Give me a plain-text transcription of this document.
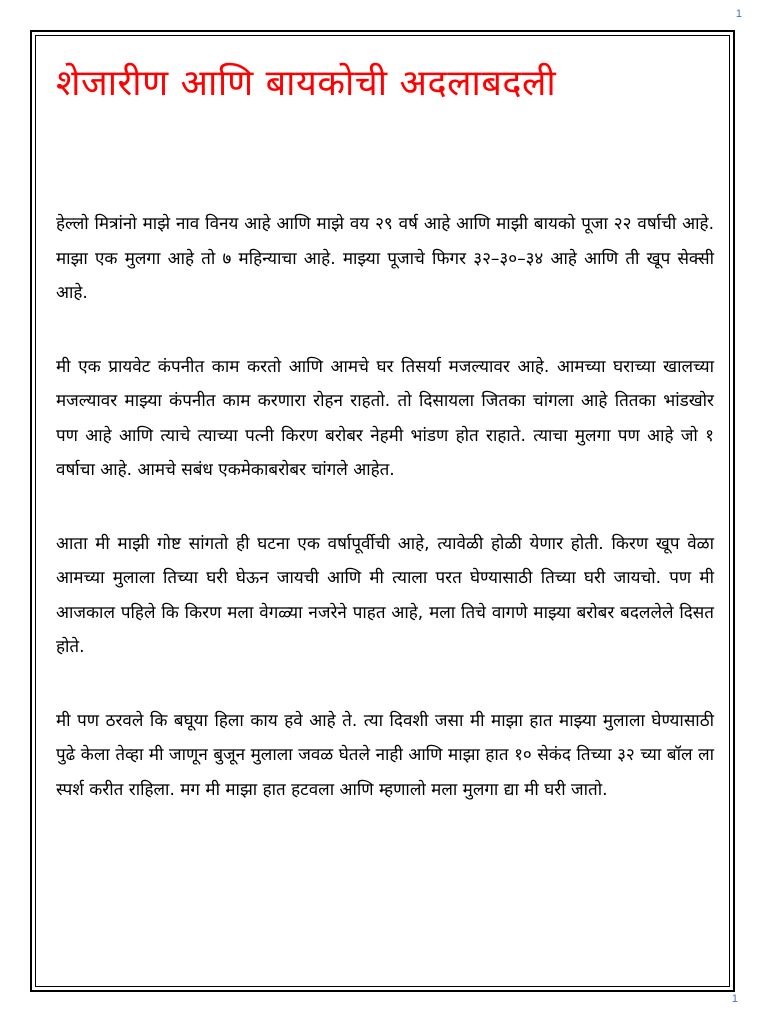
1
शेजारीण आणि बायकोची अदलाबदली

हेल्लो मित्रांनो माझे नाव विनय आहे आणि माझे वय २९ वर्ष आहे आणि माझी बायको पूजा २२ वर्षाची आहे. माझा एक मुलगा आहे तो ७ महिन्याचा आहे. माझ्या पूजाचे फिगर ३२–३०–३४ आहे आणि ती खूप सेक्सी आहे.

मी एक प्रायवेट कंपनीत काम करतो आणि आमचे घर तिसर्या मजल्यावर आहे. आमच्या घराच्या खालच्या मजल्यावर माझ्या कंपनीत काम करणारा रोहन राहतो. तो दिसायला जितका चांगला आहे तितका भांडखोर पण आहे आणि त्याचे त्याच्या पत्नी किरण बरोबर नेहमी भांडण होत राहाते. त्याचा मुलगा पण आहे जो १ वर्षाचा आहे. आमचे सबंध एकमेकाबरोबर चांगले आहेत.

आता मी माझी गोष्ट सांगतो ही घटना एक वर्षापूर्वीची आहे, त्यावेळी होळी येणार होती. किरण खूप वेळा आमच्या मुलाला तिच्या घरी घेऊन जायची आणि मी त्याला परत घेण्यासाठी तिच्या घरी जायचो. पण मी आजकाल पहिले कि किरण मला वेगळ्या नजरेने पाहत आहे, मला तिचे वागणे माझ्या बरोबर बदललेले दिसत होते.

मी पण ठरवले कि बघूया हिला काय हवे आहे ते. त्या दिवशी जसा मी माझा हात माझ्या मुलाला घेण्यासाठी पुढे केला तेव्हा मी जाणून बुजून मुलाला जवळ घेतले नाही आणि माझा हात १० सेकंद तिच्या ३२ च्या बॉल ला स्पर्श करीत राहिला. मग मी माझा हात हटवला आणि म्हणालो मला मुलगा द्या मी घरी जातो.

1
